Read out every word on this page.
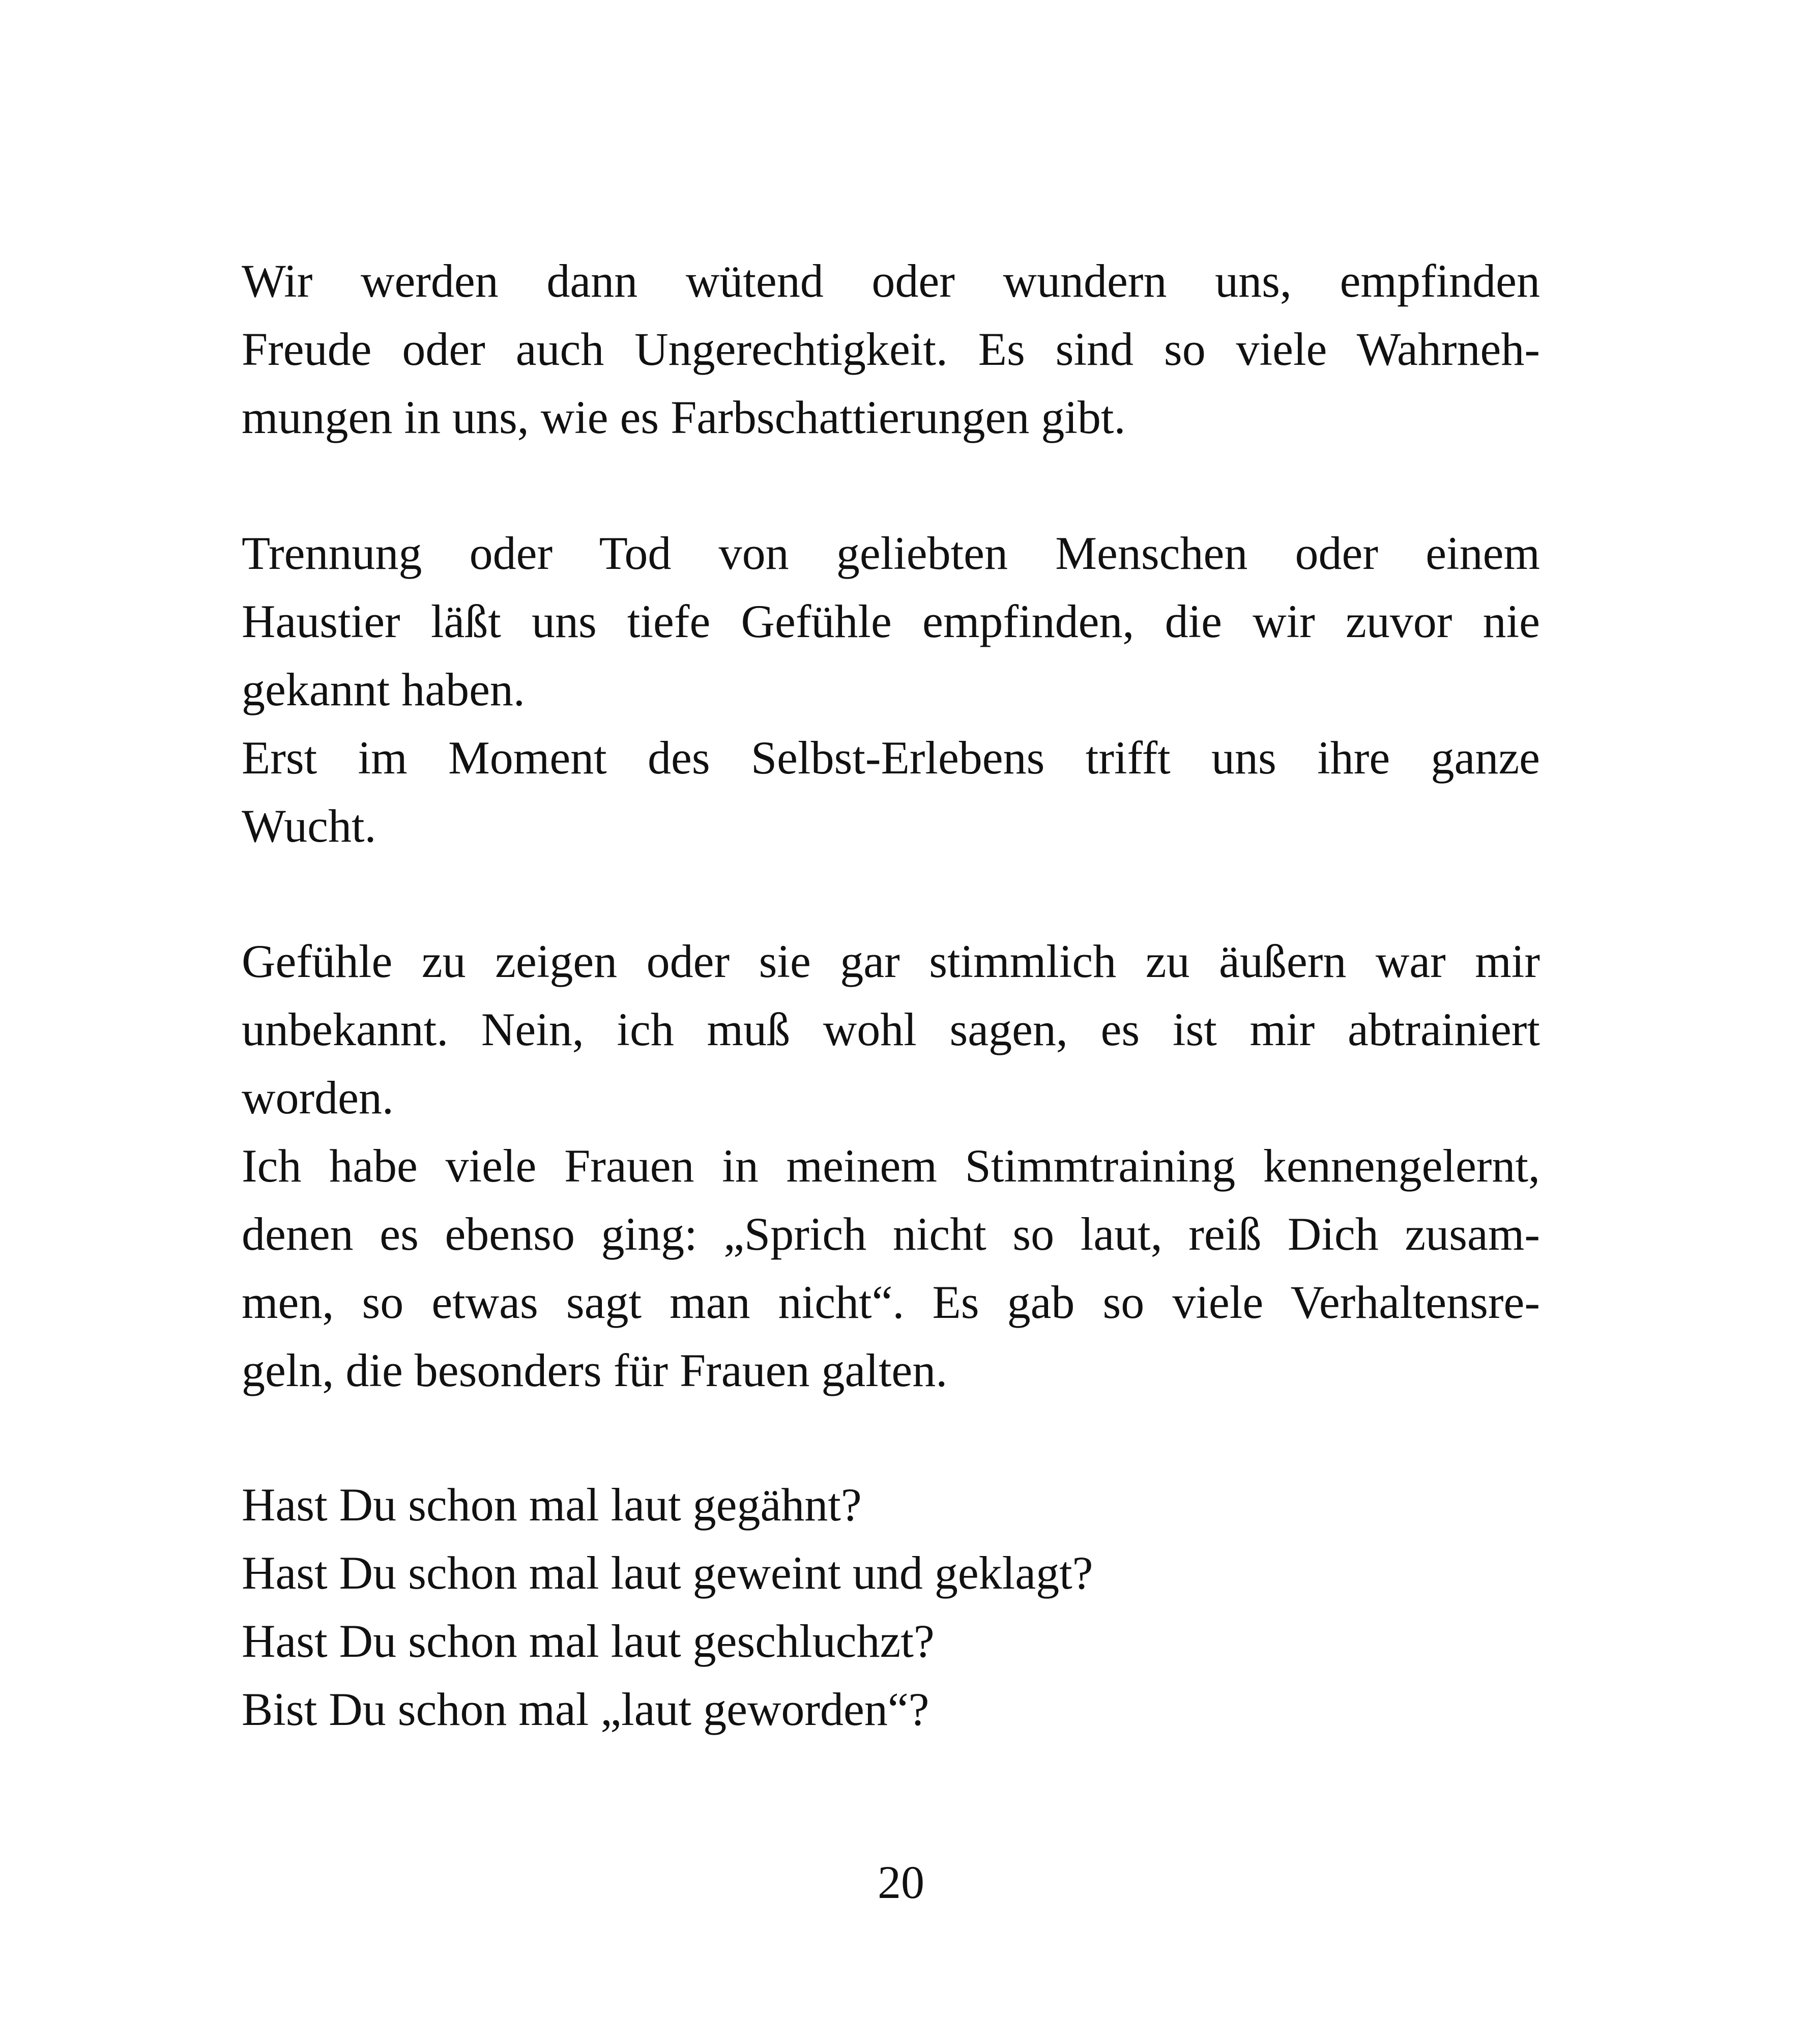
Wir werden dann wütend oder wundern uns, empfinden
Freude oder auch Ungerechtigkeit. Es sind so viele Wahrneh-
mungen in uns, wie es Farbschattierungen gibt.
Trennung oder Tod von geliebten Menschen oder einem
Haustier läßt uns tiefe Gefühle empfinden, die wir zuvor nie
gekannt haben.
Erst im Moment des Selbst-Erlebens trifft uns ihre ganze
Wucht.
Gefühle zu zeigen oder sie gar stimmlich zu äußern war mir
unbekannt. Nein, ich muß wohl sagen, es ist mir abtrainiert
worden.
Ich habe viele Frauen in meinem Stimmtraining kennengelernt,
denen es ebenso ging: „Sprich nicht so laut, reiß Dich zusam-
men, so etwas sagt man nicht“. Es gab so viele Verhaltensre-
geln, die besonders für Frauen galten.
Hast Du schon mal laut gegähnt?
Hast Du schon mal laut geweint und geklagt?
Hast Du schon mal laut geschluchzt?
Bist Du schon mal „laut geworden“?
20
